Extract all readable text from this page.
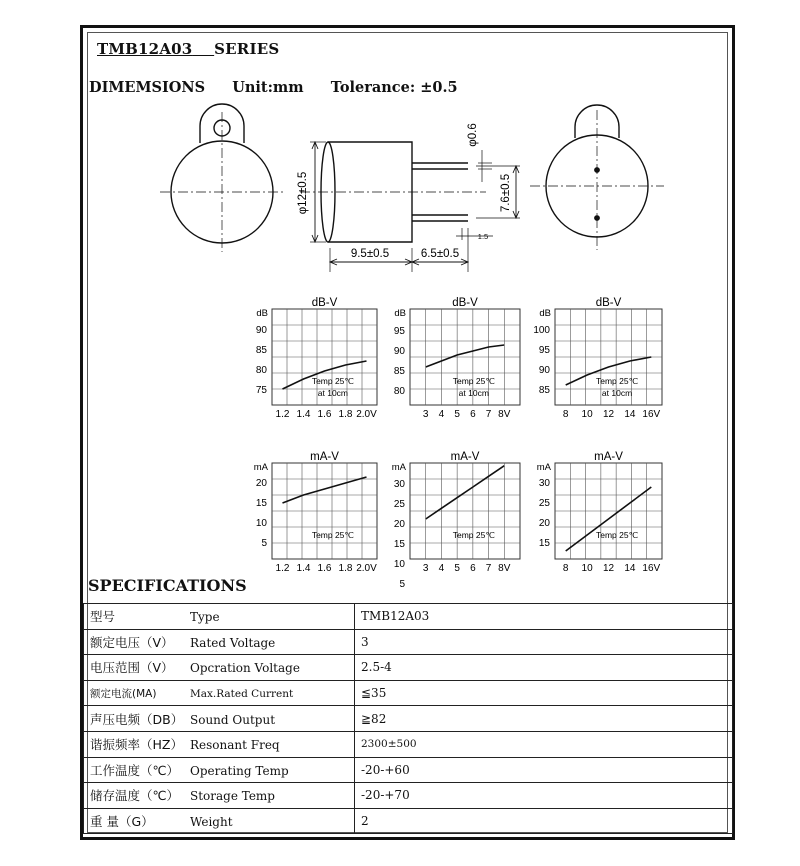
TMB12A03 SERIES
DIMEMSIONS Unit:mm Tolerance: ±0.5
φ12±0.5
φ0.6
7.6±0.5
9.5±0.5	6.5±0.5
1.5
dB-V
dB
90
85
80
75
1.2 1.4 1.6 1.8 2.0V
Temp 25℃
at 10cm
dB-V
dB
95
90
85
80
3 4 5 6 7 8V
Temp 25℃
at 10cm
dB-V
dB
100
95
90
85
8 10 12 14 16V
Temp 25℃
at 10cm
mA-V
mA
20
15
10
5
1.2 1.4 1.6 1.8 2.0V
Temp 25℃
mA-V
mA
30
25
20
15
10
5
3 4 5 6 7 8V
Temp 25℃
mA-V
mA
30
25
20
15
8 10 12 14 16V
Temp 25℃
SPECIFICATIONS
型号 Type	TMB12A03
额定电压（V） Rated Voltage	3
电压范围（V） Opcration Voltage	2.5-4
额定电流(MA) Max.Rated Current	≦35
声压电频（DB） Sound Output	≧82
谐振频率（HZ） Resonant Freq	2300±500
工作温度（℃） Operating Temp	-20-+60
储存温度（℃） Storage Temp	-20-+70
重 量（G） Weight	2
